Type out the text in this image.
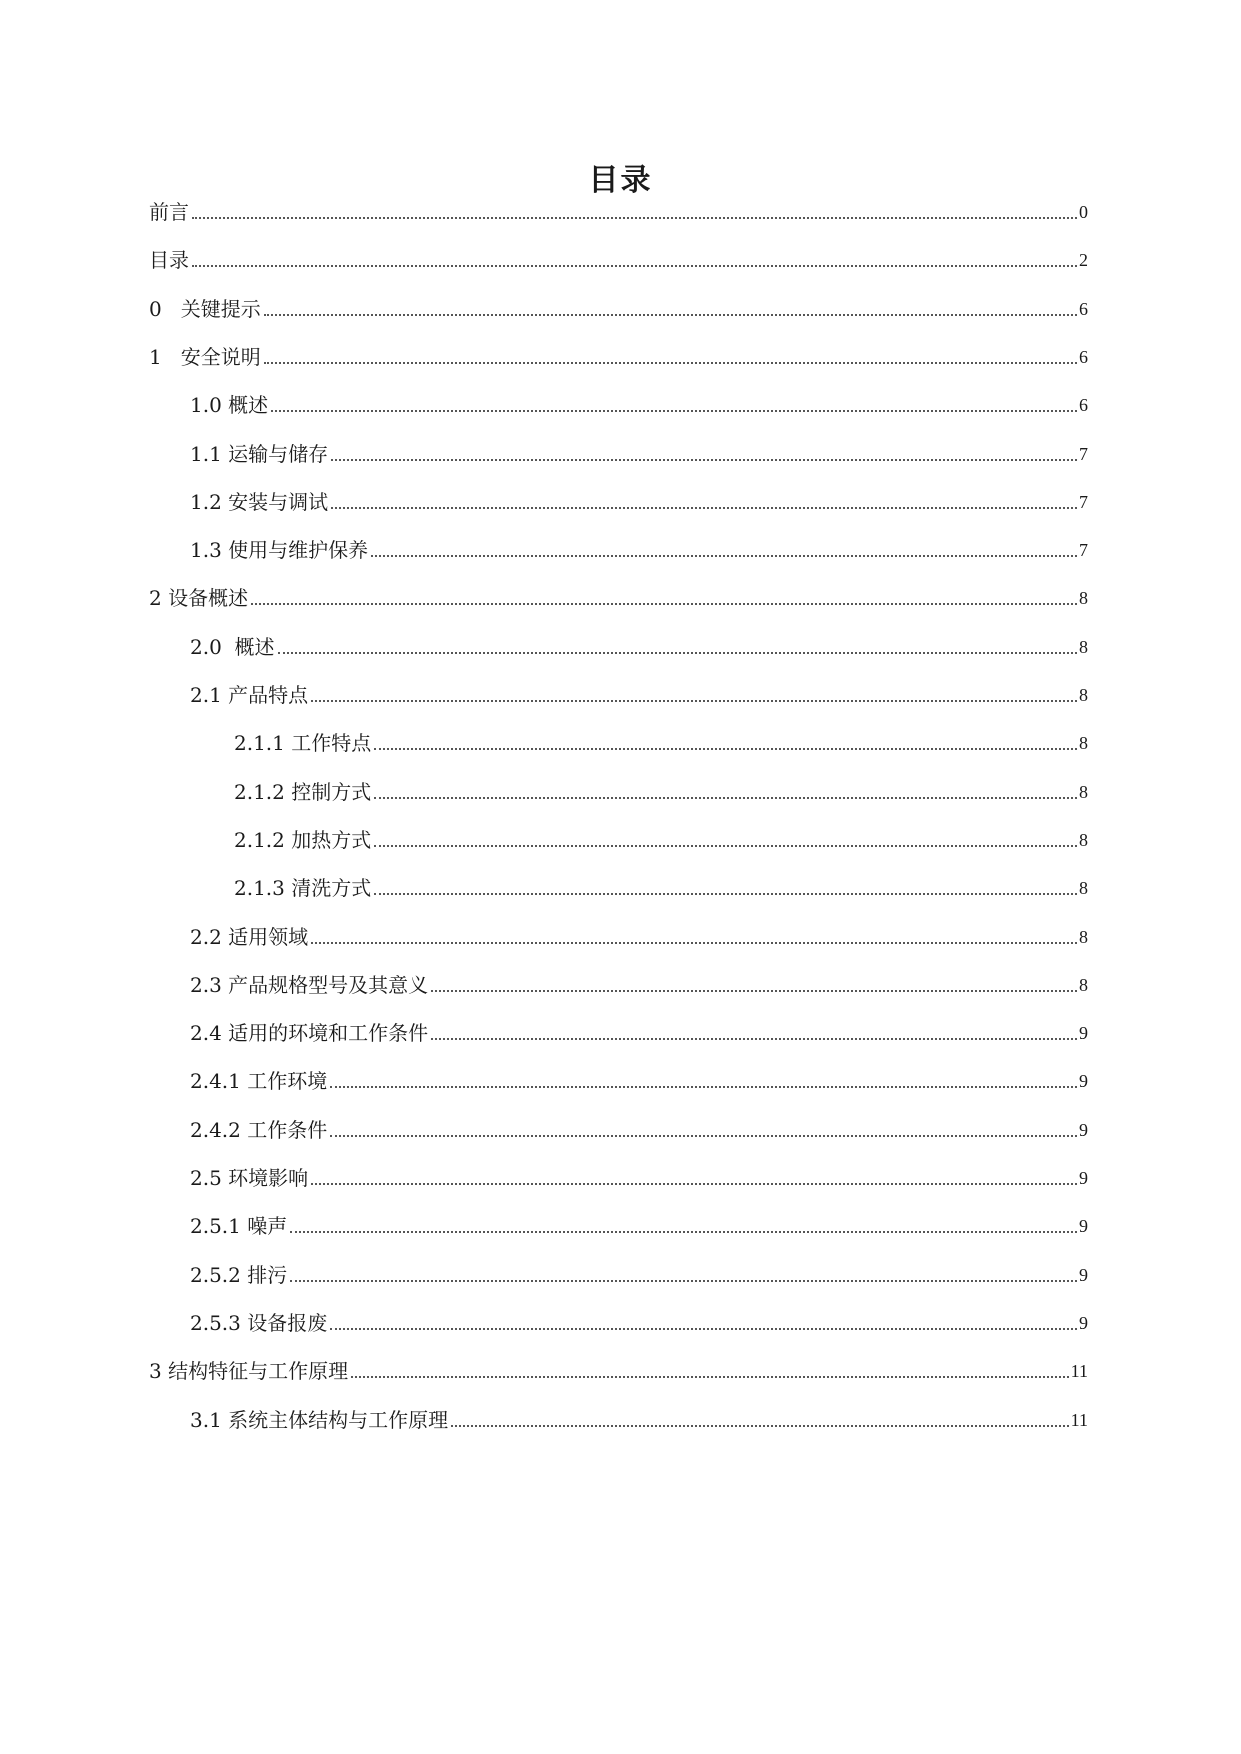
目录
前言	0
目录	2
0   关键提示	6
1   安全说明	6
1.0 概述	6
1.1 运输与储存	7
1.2 安装与调试	7
1.3 使用与维护保养	7
2 设备概述	8
2.0  概述	8
2.1 产品特点	8
2.1.1 工作特点	8
2.1.2 控制方式	8
2.1.2 加热方式	8
2.1.3 清洗方式	8
2.2 适用领域	8
2.3 产品规格型号及其意义	8
2.4 适用的环境和工作条件	9
2.4.1 工作环境	9
2.4.2 工作条件	9
2.5 环境影响	9
2.5.1 噪声	9
2.5.2 排污	9
2.5.3 设备报废	9
3 结构特征与工作原理	11
3.1 系统主体结构与工作原理	11
